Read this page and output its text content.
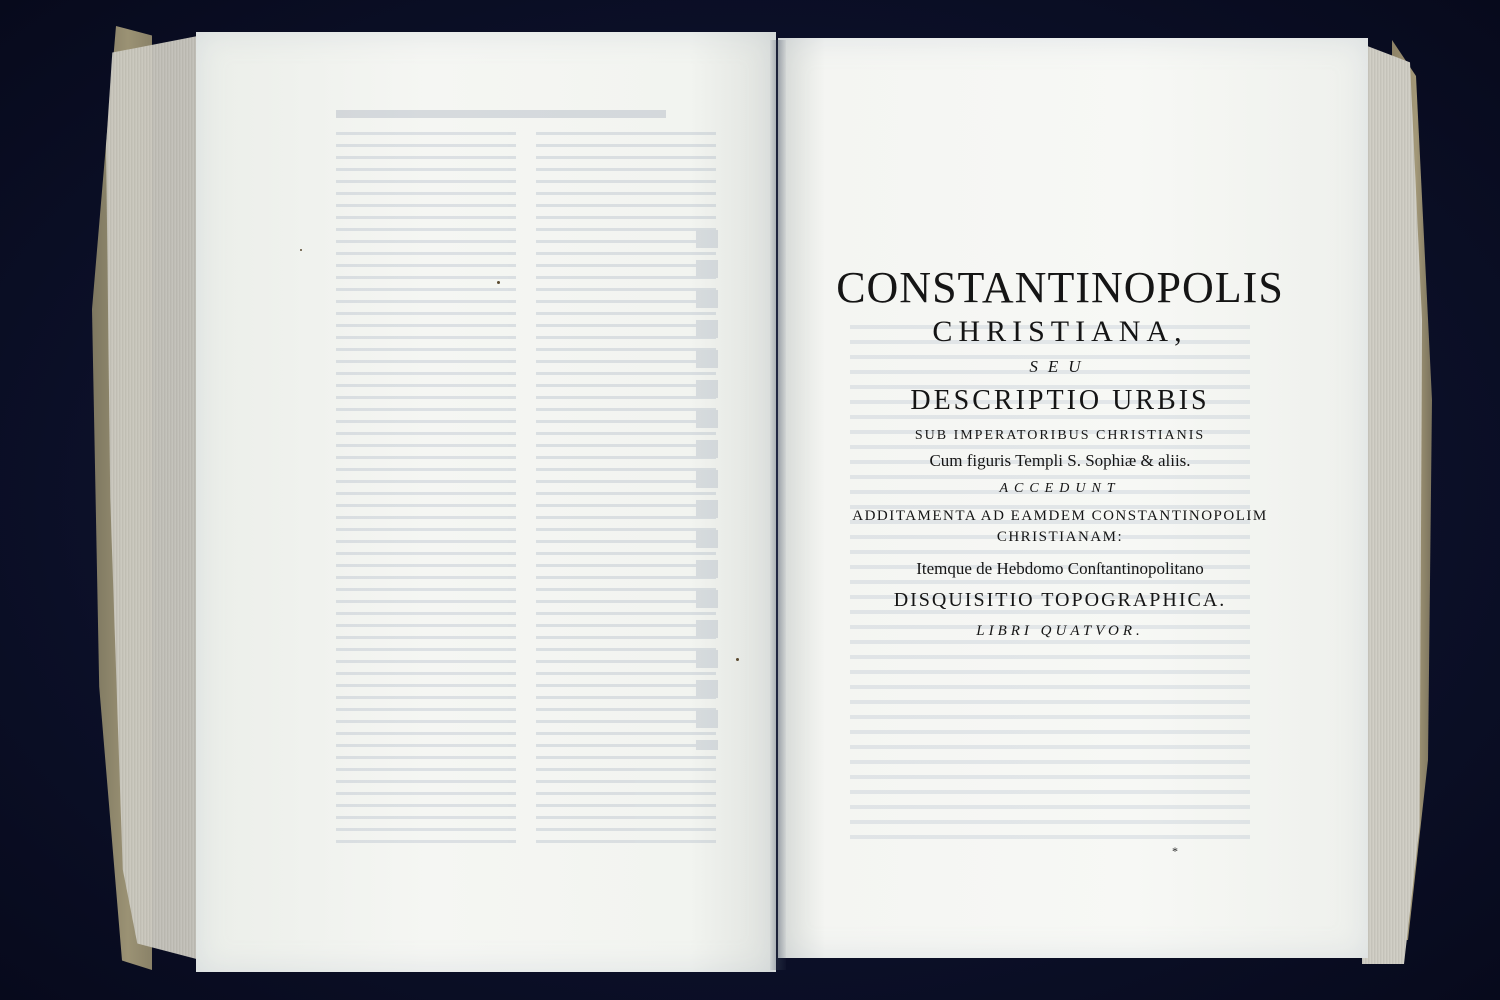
CONSTANTINOPOLIS
CHRISTIANA,
SEU
DESCRIPTIO URBIS
SUB IMPERATORIBUS CHRISTIANIS
Cum figuris Templi S. Sophiæ & aliis.
ACCEDUNT
ADDITAMENTA AD EAMDEM CONSTANTINOPOLIM
CHRISTIANAM:
Itemque de Hebdomo Conſtantinopolitano
DISQUISITIO TOPOGRAPHICA.
LIBRI QUATVOR.
*
